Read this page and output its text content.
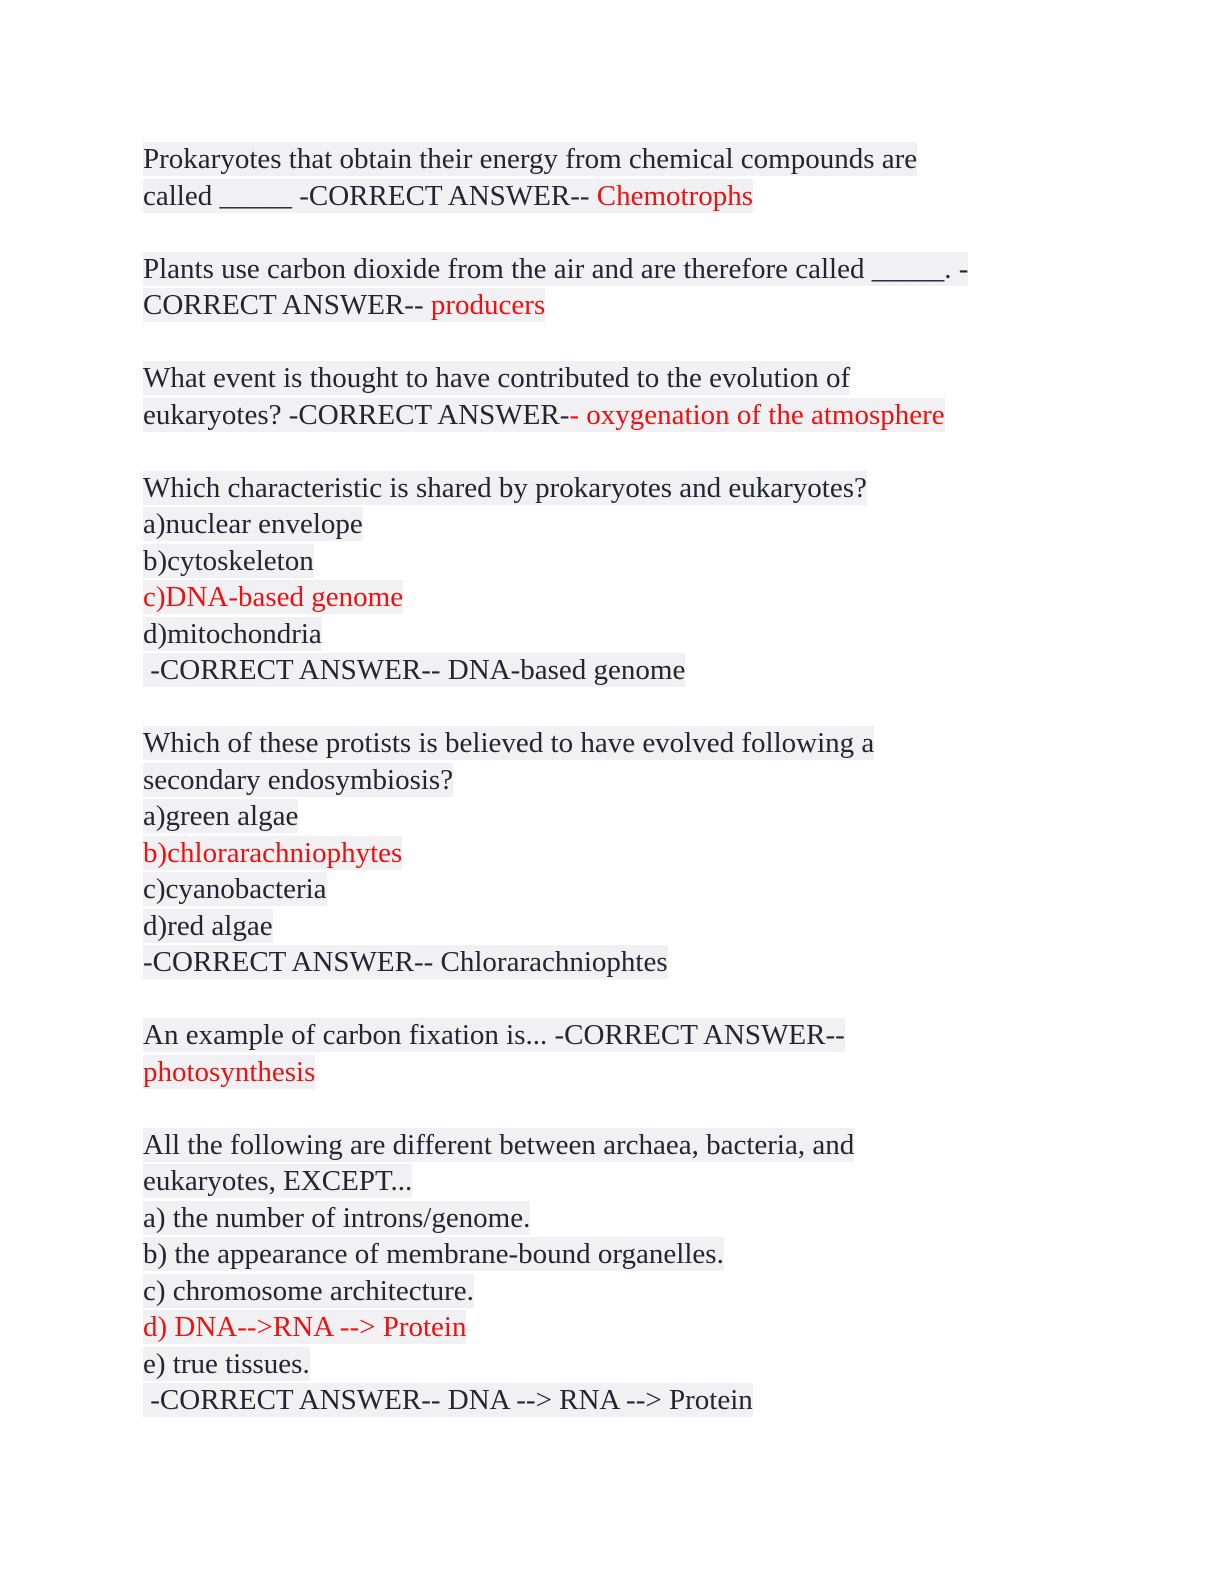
Prokaryotes that obtain their energy from chemical compounds are
called _____ -CORRECT ANSWER-- Chemotrophs
Plants use carbon dioxide from the air and are therefore called _____. -
CORRECT ANSWER-- producers
What event is thought to have contributed to the evolution of
eukaryotes? -CORRECT ANSWER-- oxygenation of the atmosphere
Which characteristic is shared by prokaryotes and eukaryotes?
a)nuclear envelope
b)cytoskeleton
c)DNA-based genome
d)mitochondria
-CORRECT ANSWER-- DNA-based genome
Which of these protists is believed to have evolved following a
secondary endosymbiosis?
a)green algae
b)chlorarachniophytes
c)cyanobacteria
d)red algae
-CORRECT ANSWER-- Chlorarachniophtes
An example of carbon fixation is... -CORRECT ANSWER--
photosynthesis
All the following are different between archaea, bacteria, and
eukaryotes, EXCEPT...
a) the number of introns/genome.
b) the appearance of membrane-bound organelles.
c) chromosome architecture.
d) DNA-->RNA --> Protein
e) true tissues.
-CORRECT ANSWER-- DNA --> RNA --> Protein
